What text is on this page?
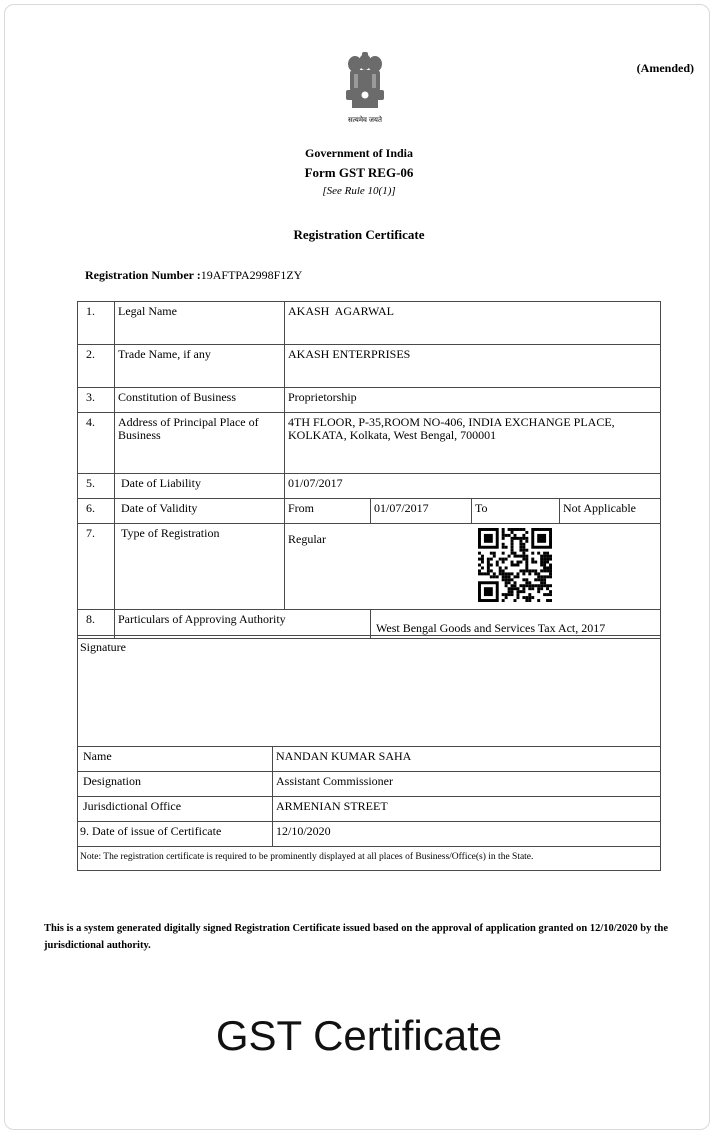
सत्यमेव जयते
(Amended)
Government of India
Form GST REG-06
[See Rule 10(1)]
Registration Certificate
Registration Number :19AFTPA2998F1ZY
1.	Legal Name	AKASH  AGARWAL			
2.	Trade Name, if any	AKASH ENTERPRISES			
3.	Constitution of Business	Proprietorship			
4.	Address of Principal Place of Business	4TH FLOOR, P-35,ROOM NO-406, INDIA EXCHANGE PLACE, KOLKATA, Kolkata, West Bengal, 700001			
5.	Date of Liability	01/07/2017			
6.	Date of Validity	From	01/07/2017	To	Not Applicable
7.	Type of Registration	Regular			

8.	Particulars of Approving Authority		West Bengal Goods and Services Tax Act, 2017		
Signature	
Name	NANDAN KUMAR SAHA
Designation	Assistant Commissioner
Jurisdictional Office	ARMENIAN STREET
9. Date of issue of Certificate	12/10/2020
Note: The registration certificate is required to be prominently displayed at all places of Business/Office(s) in the State.	
This is a system generated digitally signed Registration Certificate issued based on the approval of application granted on 12/10/2020 by the jurisdictional authority.
GST Certificate
